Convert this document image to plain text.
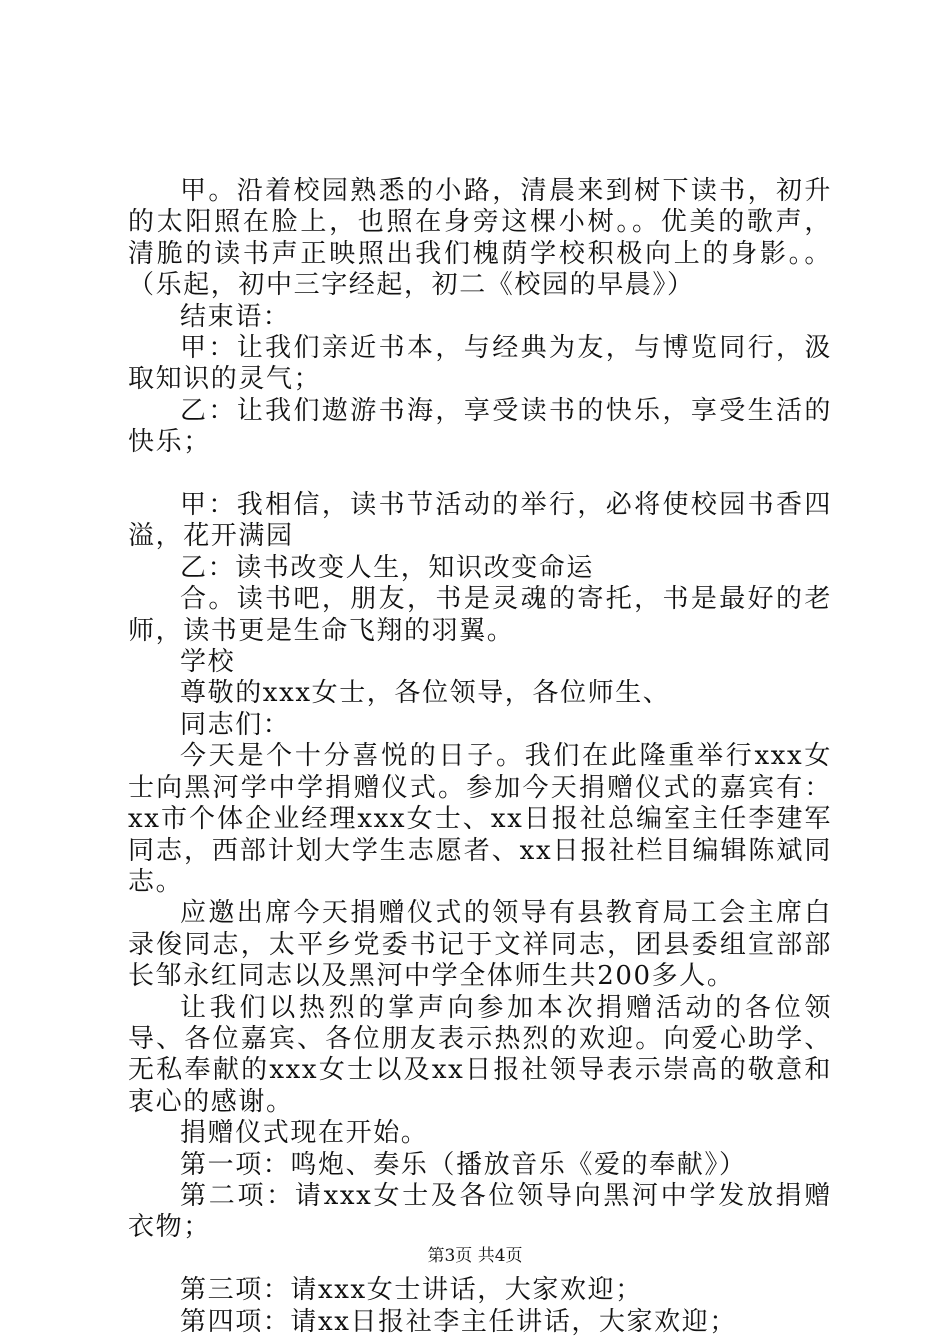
甲。沿着校园熟悉的小路，清晨来到树下读书，初升的太阳照在脸上，也照在身旁这棵小树。。优美的歌声，清脆的读书声正映照出我们槐荫学校积极向上的身影。。（乐起，初中三字经起，初二《校园的早晨》）

结束语：

甲：让我们亲近书本，与经典为友，与博览同行，汲取知识的灵气；

乙：让我们遨游书海，享受读书的快乐，享受生活的快乐；

甲：我相信，读书节活动的举行，必将使校园书香四溢，花开满园

乙：读书改变人生，知识改变命运

合。读书吧，朋友，书是灵魂的寄托，书是最好的老师，读书更是生命飞翔的羽翼。

学校

尊敬的xxx女士，各位领导，各位师生、

同志们：

今天是个十分喜悦的日子。我们在此隆重举行xxx女士向黑河学中学捐赠仪式。参加今天捐赠仪式的嘉宾有：xx市个体企业经理xxx女士、xx日报社总编室主任李建军同志，西部计划大学生志愿者、xx日报社栏目编辑陈斌同志。

应邀出席今天捐赠仪式的领导有县教育局工会主席白录俊同志，太平乡党委书记于文祥同志，团县委组宣部部长邹永红同志以及黑河中学全体师生共200多人。

让我们以热烈的掌声向参加本次捐赠活动的各位领导、各位嘉宾、各位朋友表示热烈的欢迎。向爱心助学、无私奉献的xxx女士以及xx日报社领导表示崇高的敬意和衷心的感谢。

捐赠仪式现在开始。

第一项：鸣炮、奏乐（播放音乐《爱的奉献》）

第二项：请xxx女士及各位领导向黑河中学发放捐赠衣物；

第三项：请xxx女士讲话，大家欢迎；

第四项：请xx日报社李主任讲话，大家欢迎；

第3页 共4页
